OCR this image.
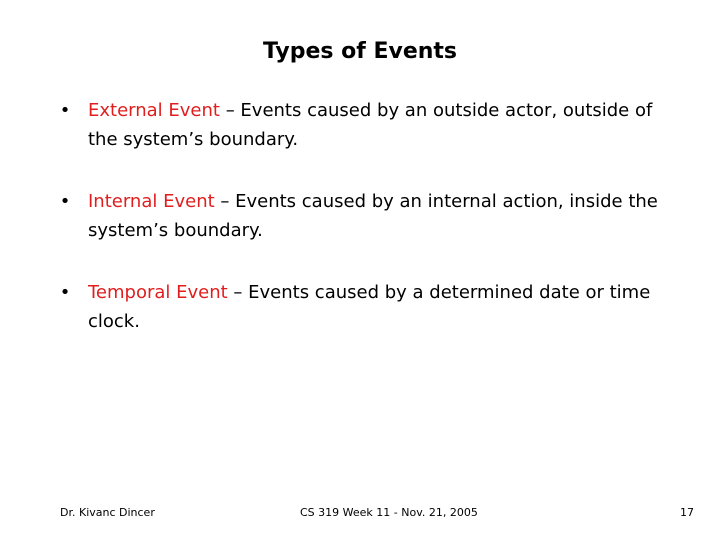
Types of Events
• External Event – Events caused by an outside actor, outside of the system’s boundary.
• Internal Event – Events caused by an internal action, inside the system’s boundary.
• Temporal Event – Events caused by a determined date or time clock.
Dr. Kivanc Dincer	CS 319 Week 11 - Nov. 21, 2005	17
